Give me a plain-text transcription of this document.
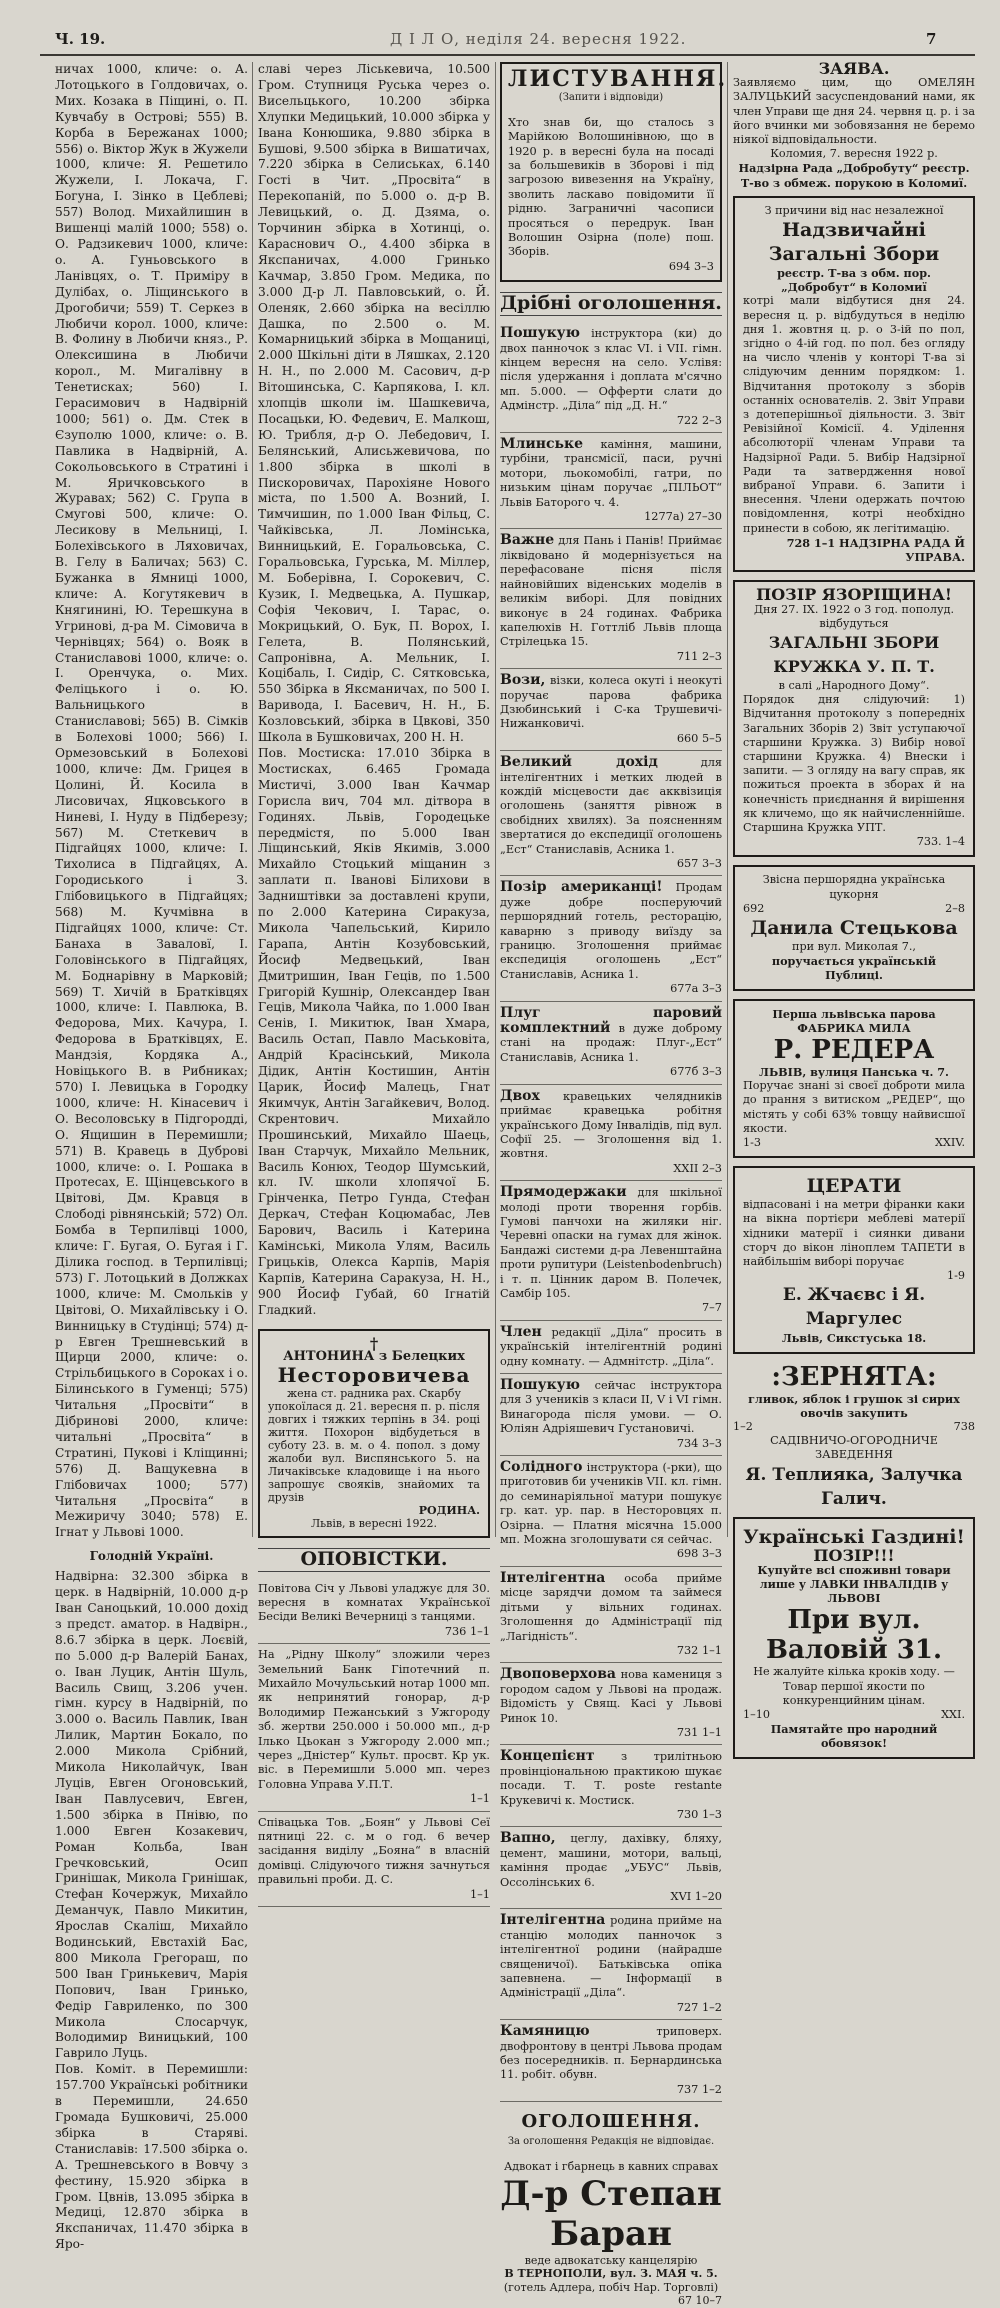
Ч. 19.	Д І Л О, неділя 24. вересня 1922.	7

ничах 1000, кличе: о. А. Лотоцького в Голдовичах, о. Мих. Козака в Піщині, о. П. Кувчабу в Острові; 555) В. Корба в Бережанах 1000; 556) о. Віктор Жук в Жужели 1000, кличе: Я. Решетило Жужели, І. Локача, Г. Богуна, І. Зінко в Цеблеві; 557) Волод. Михайлишин в Вишенці малій 1000; 558) о. О. Радзикевич 1000, кличе: о. А. Гуньовського в Ланівцях, о. Т. Приміру в Дулібах, о. Ліщинського в Дрогобичи; 559) Т. Серкез в Любичи корол. 1000, кличе: В. Фолину в Любичи княз., Р. Олексишина в Любичи корол., М. Мигалівну в Тенетисках; 560) І. Герасимович в Надвірній 1000; 561) о. Дм. Стек в Єзуполю 1000, кличе: о. В. Павлика в Надвірній, А. Сокольовського в Стратині і М. Яричковського в Журавах; 562) С. Група в Смугові 500, кличе: О. Лесикову в Мельниці, І. Болехівського в Ляховичах, В. Гелу в Баличах; 563) С. Бужанка в Ямниці 1000, кличе: А. Когутякевич в Княгинині, Ю. Терешкуна в Угринові, д-ра М. Сімовича в Чернівцях; 564) о. Вояк в Станиславові 1000, кличе: о. І. Оренчука, о. Мих. Феліцького і о. Ю. Вальницького в Станиславові; 565) В. Сімків в Болехові 1000; 566) І. Ормезовський в Болехові 1000, кличе: Дм. Грицея в Цолині, Й. Косила в Лисовичах, Яцковського в Ниневі, І. Нуду в Підберезу; 567) М. Стеткевич в Підгайцях 1000, кличе: І. Тихолиса в Підгайцях, А. Городиського і З. Глібовицького в Підгайцях; 568) М. Кучмівна в Підгайцях 1000, кличе: Ст. Банаха в Заваловї, І. Головінського в Підгайцях, М. Боднарівну в Марковій; 569) Т. Хичій в Братківцях 1000, кличе: І. Павлюка, В. Федорова, Мих. Качура, І. Федорова в Братківцях, Е. Мандзія, Кордяка А., Новіцького В. в Рибниках; 570) І. Левицька в Городку 1000, кличе: Н. Кінасевич і О. Весоловську в Підгородді, О. Ящишин в Перемишли; 571) В. Кравець в Дуброві 1000, кличе: о. І. Рошака в Протесах, Е. Щінцевського в Цвітові, Дм. Кравця в Слободі рівнянській; 572) Ол. Бомба в Терпилівці 1000, кличе: Г. Бугая, О. Бугая і Г. Ділика господ. в Терпилівці; 573) Г. Лотоцький в Должках 1000, кличе: М. Смольків у Цвітові, О. Михайлівську і О. Винницьку в Студінці; 574) д-р Евген Трешневський в Щирци 2000, кличе: о. Стрільбицького в Сороках і о. Білинського в Гуменці; 575) Читальня „Просвіти“ в Дібринові 2000, кличе: читальні „Просвіта“ в Стратині, Пукові і Кліщинні; 576) Д. Ващукевна в Глібовичах 1000; 577) Читальня „Просвіта“ в Межиричу 3040; 578) Е. Ігнат у Львові 1000.

Голодній Україні.

Надвірна: 32.300 збірка в церк. в Надвірній, 10.000 д-р Іван Саноцький, 10.000 дохід з предст. аматор. в Надвірн., 8.6.7 збірка в церк. Лоєвій, по 5.000 д-р Валерій Банах, о. Іван Луцик, Антін Шуль, Василь Свищ, 3.206 учен. гімн. курсу в Надвірній, по 3.000 о. Василь Павлик, Іван Лилик, Мартин Бокало, по 2.000 Микола Срібний, Микола Николайчук, Іван Луців, Евген Огоновський, Іван Павлусевич, Евген, 1.500 збірка в Пнівю, по 1.000 Евген Козакевич, Роман Кольба, Іван Гречковський, Осип Гринішак, Микола Гринішак, Стефан Кочержук, Михайло Деманчук, Павло Микитин, Ярослав Скаліш, Михайло Водинський, Евстахій Бас, 800 Микола Грегораш, по 500 Іван Гринькевич, Марія Попович, Іван Гринько, Федір Гавриленко, по 300 Микола Слосарчук, Володимир Виницький, 100 Гаврило Луць.

Пов. Коміт. в Перемишли: 157.700 Українські робітники в Перемишли, 24.650 Громада Бушковичі, 25.000 збірка в Старяві. Станиславів: 17.500 збірка о. А. Трешневського в Вовчу з фестину, 15.920 збірка в Гром. Цвнів, 13.095 збірка в Медиці, 12.870 збірка в Якспаничах, 11.470 збірка в Яро-

славі через Ліськевича, 10.500 Гром. Ступниця Руська через о. Висельцького, 10.200 збірка Хлупки Медицький, 10.000 збірка у Івана Конюшика, 9.880 збірка в Бушові, 9.500 збірка в Вишатичах, 7.220 збірка в Селиськах, 6.140 Гості в Чит. „Просвіта“ в Перекопаній, по 5.000 о. д-р В. Левицький, о. Д. Дзяма, о. Торчинин збірка в Хотинці, о. Караснович О., 4.400 збірка в Якспаничах, 4.000 Гринько Качмар, 3.850 Гром. Медика, по 3.000 Д-р Л. Павловський, о. Й. Оленяк, 2.660 збірка на весіллю Дашка, по 2.500 о. М. Комарницький збірка в Мощаниці, 2.000 Шкільні діти в Ляшках, 2.120 Н. Н., по 2.000 М. Сасович, д-р Вітошинська, С. Карпякова, І. кл. хлопців школи ім. Шашкевича, Посацьки, Ю. Федевич, Е. Малкош, Ю. Трибля, д-р О. Лебедович, І. Белянський, Алисьжевичова, по 1.800 збірка в школі в Пискоровичах, Парохіяне Нового міста, по 1.500 А. Возний, І. Тимчишин, по 1.000 Іван Фільц, С. Чайківська, Л. Ломінська, Винницький, Е. Горальовська, С. Горальовська, Гурська, М. Міллер, М. Боберівна, І. Сорокевич, С. Кузик, І. Медвецька, А. Пушкар, Софія Чекович, І. Тарас, о. Мокрицький, О. Бук, П. Ворох, І. Гелета, В. Полянський, Сапронівна, А. Мельник, І. Коцібаль, І. Сидір, С. Сятковська, 550 Збірка в Яксманичах, по 500 І. Варивода, І. Басевич, Н. Н., Б. Козловський, збірка в Цвкові, 350 Школа в Бушковичах, 200 Н. Н.

Пов. Мостиска: 17.010 Збірка в Мостисках, 6.465 Громада Мистичі, 3.000 Іван Качмар Горисла вич, 704 мл. дітвора в Годинях. Львів, Городецьке передмістя, по 5.000 Іван Ліщинський, Яків Якимів, 3.000 Михайло Стоцький міщанин з заплати п. Іванові Білихови в Задништівки за доставлені крупи, по 2.000 Катерина Сиракуза, Микола Чапельський, Кирило Гарапа, Антін Козубовський, Йосиф Медвецький, Іван Дмитришин, Іван Геців, по 1.500 Григорій Кушнір, Олександер Іван Геців, Микола Чайка, по 1.000 Іван Сенів, І. Микитюк, Іван Хмара, Василь Остап, Павло Маськовіта, Андрій Красінський, Микола Дідик, Антін Костишин, Антін Царик, Йосиф Малець, Гнат Якимчук, Антін Загайкевич, Волод. Скрентович. Михайло Прошинський, Михайло Шаець, Іван Старчук, Михайло Мельник, Василь Конюх, Теодор Шумський, кл. IV. школи хлопячої Б. Грінченка, Петро Гунда, Стефан Деркач, Стефан Коцюмабас, Лев Барович, Василь і Катерина Камінські, Микола Улям, Василь Грицьків, Олекса Карпів, Марія Карпів, Катерина Саракуза, Н. Н., 900 Йосиф Губай, 60 Ігнатій Гладкий.

†
АНТОНИНА з Белецких
Несторовичева
жена ст. радника рах. Скарбу
упокоїлася д. 21. вересня п. р. після довгих і тяжких терпінь в 34. році життя. Похорон відбудеться в суботу 23. в. м. о 4. попол. з дому жалоби вул. Виспянського 5. на Личаківське кладовище і на нього запрошує свояків, знайомих та друзів
РОДИНА.
Львів, в вересні 1922.
ОПОВІСТКИ.
Повітова Січ у Львові уладжує для 30. вересня в комнатах Української Бесіди Великі Вечерниці з танцями.
736 1–1
На „Рідну Школу“ зложили через Земельний Банк Гіпотечний п. Михайло Мочульський нотар 1000 мп. як непринятий гонорар, д-р Володимир Пежанський з Ужгороду зб. жертви 250.000 і 50.000 мп., д-р Ілько Цьокан з Ужгороду 2.000 мп.; через „Дністер“ Культ. просвт. Кр ук. віс. в Перемишли 5.000 мп. через Головна Управа У.П.Т.
1–1
Співацька Тов. „Боян“ у Львові Сеї пятниці 22. с. м о год. 6 вечер засідання виділу „Бояна“ в власній домівці. Слідуючого тижня зачнуться правильні проби. Д. С.
1–1
ЛИСТУВАННЯ.
(Запити і відповіди)
Хто знав би, що сталось з Марійкою Волошинівною, що в 1920 р. в вересні була на посаді за большевиків в Зборові і під загрозою вивезення на Україну, зволить ласкаво повідомити її рідню. Заграничні часописи просяться о передрук. Іван Волошин Озірна (поле) пош. Зборів.
694 3–3
Дрібні оголошення.
Пошукую інструктора (ки) до двох панночок з клас VI. і VII. гімн. кінцем вересня на село. Услівя: після удержання і доплата м'сячно мп. 5.000. — Офферти слати до Адмінстр. „Діла“ під „Д. Н.“
722 2–3
Млинське каміння, машини, турбіни, трансмісії, паси, ручні мотори, льокомобілі, гатри, по низьким цінам поручає „ПІЛЬОТ“ Львів Баторого ч. 4.
1277a) 27–30
Важне для Пань і Панів! Приймає ліквідовано й модернізується на перефасоване пісня після найновійших віденських моделів в великім виборі. Для повідних виконує в 24 годинах. Фабрика капелюхів Н. Готтліб Львів площа Стрілецька 15.
711 2–3
Вози, візки, колеса окуті і неокуті поручає парова фабрика Дзюбинський і С-ка Трушевичі-Нижанковичі.
660 5–5
Великий дохід	для інтелігентних і метких людей в кождій місцевости дає акквізиція оголошень (заняття рівнож в свобідних хвилях). За поясненням звертатися до експедиції оголошень „Ест“ Станиславів, Асника 1.
657 3–3
Позір американці! Продам дуже добре посперуючий першорядний готель, ресторацію, каварню з приводу виїзду за границю. Зголошення приймає експедиція оголошень „Ест“ Станиславів, Асника 1.
677a 3–3
Плуг паровий комплектний в дуже доброму стані на продаж: Плуг-„Ест“ Станиславів, Асника 1.
677б 3–3
Двох кравецьких челядників приймає кравецька робітня українського Дому Інвалідів, під вул. Софії 25. — Зголошення від 1. жовтня.
ХХІІ 2–3
Прямодержаки для шкільної молоді проти творення горбів. Гумові панчохи на жиляки ніг. Черевні опаски на гумах для жінок. Бандажі системи д-ра Левенштайна проти рупитури (Leistenbodenbruch) і т. п. Цінник даром В. Полечек, Самбір 105.
7–7
Член редакції „Діла“ просить в українській інтелігентній родині одну комнату. — Адмнітстр. „Діла“.
Пошукую сейчас інструктора для 3 учеників з класи ІІ, V і VI гімн. Винагорода після умови. — О. Юліян Адріяшевич Густановичі.
734 3–3
Солідного інструктора (-рки), що приготовив би учеників VII. кл. гімн. до семинаріяльної матури пошукує гр. кат. ур. пар. в Несторовцях п. Озірна. — Платня місячна 15.000 мп. Можна зголошувати ся сейчас.
698 3–3
Інтелігентна особа прийме місце зарядчи домом та займеся дітьми у вільних годинах. Зголошення до Адміністрації під „Лагідність“.
732 1–1
Двоповерхова нова камениця з городом садом у Львові на продаж. Відомість у Свящ. Касі у Львові Ринок 10.
731 1–1
Концепієнт з трилітньою провінціональною практикою шукає посади. Т. Т. poste restante Крукевичі к. Мостиск.
730 1–3
Вапно, цеглу, дахівку, бляху, цемент, машини, мотори, вальці, каміння продає „УБУС“ Львів, Оссолінських 6.
XVI 1–20
Інтелігентна родина прийме на станцію молодих панночок з інтелігентної родини (найрадше священичої). Батьківська опіка запевнена. — Інформації в Адміністрації „Діла“.
727 1–2
Камяницю	триповерх. двофронтову в центрі Львова продам без посередників. п. Бернардинська 11. робіт. обувн.
737 1–2
ОГОЛОШЕННЯ.
За оголошення Редакція не відповідає.
Адвокат і гбарнець в кавних справах
Д-р Степан Баран
веде адвокатську канцелярію
В ТЕРНОПОЛИ, вул. З. МАЯ ч. 5.
(готель Адлера, побіч Нар. Торговлі)
67 10–7
ЗАЯВА.
Заявляємо цим, що ОМЕЛЯН ЗАЛУЦЬКИЙ засуспендований нами, як член Управи ще дня 24. червня ц. р. і за його вчинки ми зобовязання не беремо ніякої відповідальности.
Коломия, 7. вересня 1922 р.
Надзірна Рада „Добробуту“ реєстр. Т-во з обмеж. порукою в Коломиї.
З причини від нас незалежної
Надзвичайні Загальні Збори
реєстр. Т-ва з обм. пор. „Добробут“ в Коломиї
котрі мали відбутися дня 24. вересня ц. р. відбудуться в неділю дня 1. жовтня ц. р. о 3-ій по пол, згідно о 4-ій год. по пол. без огляду на число членів у конторі Т-ва зі слідуючим денним порядком: 1. Відчитання протоколу з зборів останніх основателів. 2. Звіт Управи з дотеперішньої діяльности. 3. Звіт Ревізійної Комісії. 4. Уділення абсолюторії членам Управи та Надзірної Ради. 5. Вибір Надзірної Ради та затвердження нової вибраної Управи. 6. Запити і внесення. Члени одержать почтою повідомлення, котрі необхідно принести в собою, як легітимацію.
728 1–1 НАДЗІРНА РАДА Й УПРАВА.
ПОЗІР ЯЗОРІЩИНА!
Дня 27. IX. 1922 о 3 год. пополуд. відбудуться
ЗАГАЛЬНІ ЗБОРИ КРУЖКА У. П. Т.
в салі „Народного Дому“.
Порядок дня слідуючий: 1) Відчитання протоколу з попередніх Загальних Зборів 2) Звіт уступаючої старшини Кружка. 3) Вибір нової старшини Кружка. 4) Внески і запити. — З огляду на вагу справ, як пожиться проекта в зборах й на конечність приєднання й вирішення як кличемо, що як найчисленнійше. Старшина Кружка УПТ.
733. 1–4
Звісна першорядна українська цукорня
692	2–8
Данила Стецькова
при вул. Миколая 7.,
поручається українській Публиці.
Перша львівська парова ФАБРИКА МИЛА
Р. РЕДЕРА
ЛЬВІВ, вулиця Панська ч. 7.
Поручає знані зі своєї доброти мила до прання з витиском „РЕДЕР“, що містять у собі 63% товщу найвисшої якости.
1-3	XXIV.
ЦЕРАТИ
відпасовані і на метри фіранки каки на вікна портієри меблеві матерії хідники матерії і сиянки дивани сторч до вікон ліноплем ТАПЕТИ в найбільшім виборі поручає
1-9
Е. Жчаєвс і Я. Маргулес
Львів, Сикстуська 18.
:ЗЕРНЯТА:
гливок, яблок і грушок зі сирих овочів закупить
1–2	738
САДІВНИЧО-ОГОРОДНИЧЕ ЗАВЕДЕННЯ
Я. Теплияка, Залучка Галич.
Українські Газдині!
ПОЗІР!!!
Купуйте всі споживні товари лише у ЛАВКИ ІНВАЛІДІВ у ЛЬВОВІ
При вул. Валовій 31.
Не жалуйте кілька кроків ходу. — Товар першої якости по конкуренцийним цінам.
1–10	XXI.
Памятайте про народний обовязок!
